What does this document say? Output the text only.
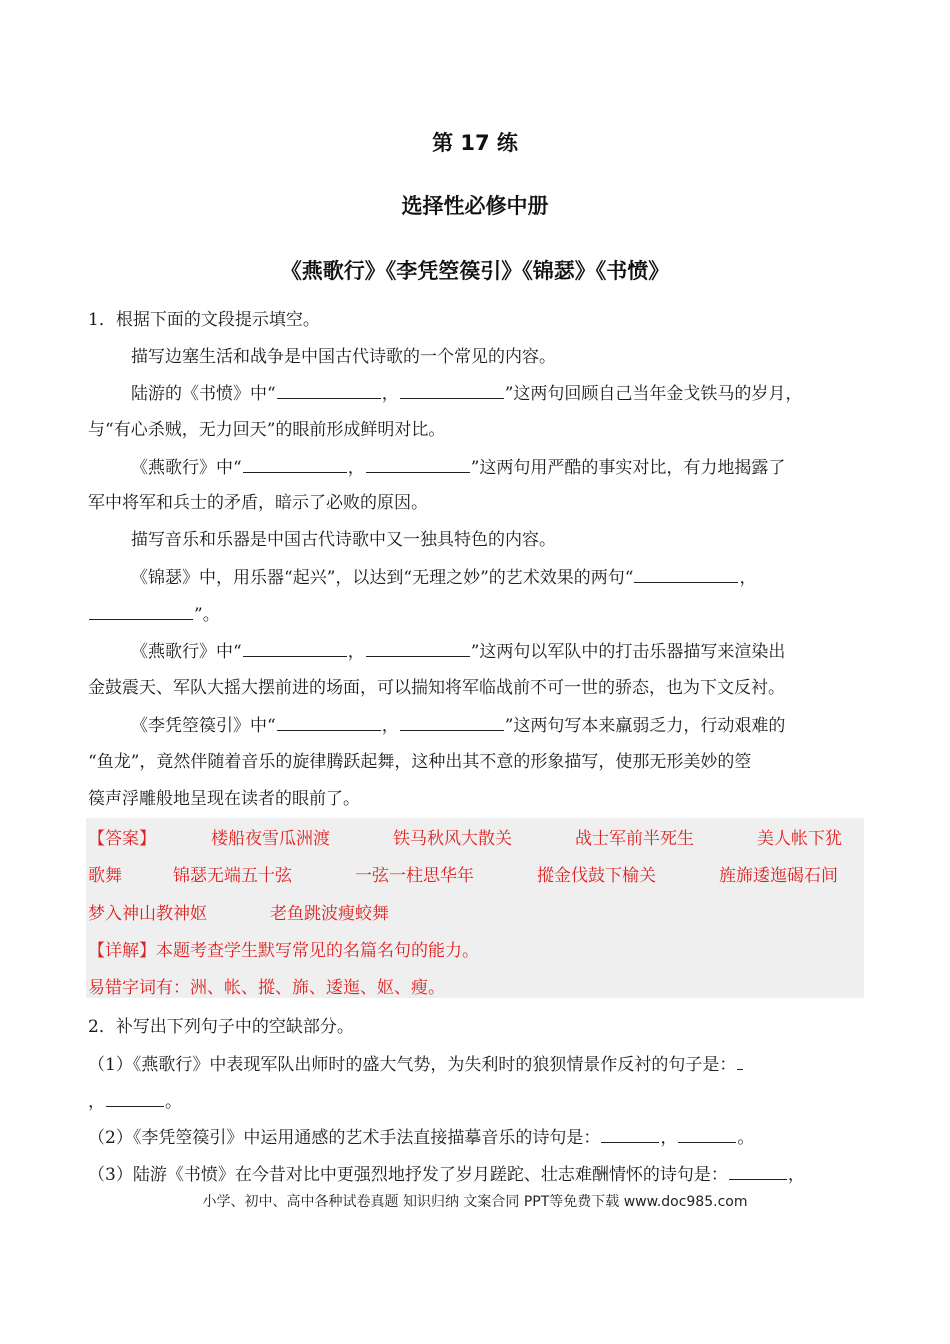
第 17 练
选择性必修中册
《燕歌行》《李凭箜篌引》《锦瑟》《书愤》
1．根据下面的文段提示填空。
描写边塞生活和战争是中国古代诗歌的一个常见的内容。
陆游的《书愤》中“	，	”这两句回顾自己当年金戈铁马的岁月，
与“有心杀贼，无力回天”的眼前形成鲜明对比。
《燕歌行》中“	，	”这两句用严酷的事实对比，有力地揭露了
军中将军和兵士的矛盾，暗示了必败的原因。
描写音乐和乐器是中国古代诗歌中又一独具特色的内容。
《锦瑟》中，用乐器“起兴”，以达到“无理之妙”的艺术效果的两句“	，
”。
《燕歌行》中“	，	”这两句以军队中的打击乐器描写来渲染出
金鼓震天、军队大摇大摆前进的场面，可以揣知将军临战前不可一世的骄态，也为下文反衬。
《李凭箜篌引》中“	，	”这两句写本来羸弱乏力，行动艰难的
“鱼龙”，竟然伴随着音乐的旋律腾跃起舞，这种出其不意的形象描写，使那无形美妙的箜
篌声浮雕般地呈现在读者的眼前了。
【答案】	楼船夜雪瓜洲渡	铁马秋风大散关	战士军前半死生	美人帐下犹
歌舞	锦瑟无端五十弦	一弦一柱思华年	摐金伐鼓下榆关	旌旆逶迤碣石间
梦入神山教神妪	老鱼跳波瘦蛟舞
【详解】本题考查学生默写常见的名篇名句的能力。
易错字词有：洲、帐、摐、旆、逶迤、妪、瘦。
2．补写出下列句子中的空缺部分。
（1）《燕歌行》中表现军队出师时的盛大气势，为失利时的狼狈情景作反衬的句子是：
，	。
（2）《李凭箜篌引》中运用通感的艺术手法直接描摹音乐的诗句是：	，	。
（3）陆游《书愤》在今昔对比中更强烈地抒发了岁月蹉跎、壮志难酬情怀的诗句是：	，
小学、初中、高中各种试卷真题 知识归纳 文案合同 PPT等免费下载 www.doc985.com
